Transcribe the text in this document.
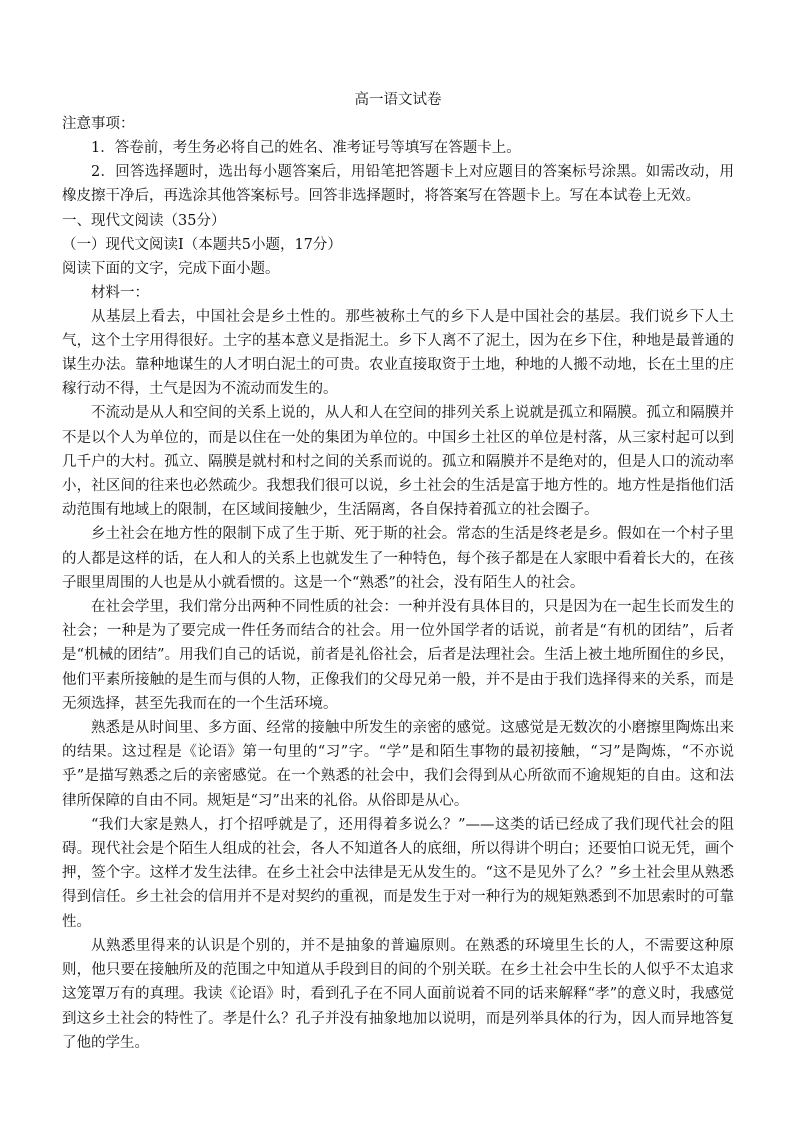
高一语文试卷

注意事项：

1．答卷前，考生务必将自己的姓名、准考证号等填写在答题卡上。

2．回答选择题时，选出每小题答案后，用铅笔把答题卡上对应题目的答案标号涂黑。如需改动，用橡皮擦干净后，再选涂其他答案标号。回答非选择题时，将答案写在答题卡上。写在本试卷上无效。

一、现代文阅读（35分）

（一）现代文阅读Ⅰ（本题共5小题，17分）

阅读下面的文字，完成下面小题。

材料一：

从基层上看去，中国社会是乡土性的。那些被称土气的乡下人是中国社会的基层。我们说乡下人土气，这个土字用得很好。土字的基本意义是指泥土。乡下人离不了泥土，因为在乡下住，种地是最普通的谋生办法。靠种地谋生的人才明白泥土的可贵。农业直接取资于土地，种地的人搬不动地，长在土里的庄稼行动不得，土气是因为不流动而发生的。

不流动是从人和空间的关系上说的，从人和人在空间的排列关系上说就是孤立和隔膜。孤立和隔膜并不是以个人为单位的，而是以住在一处的集团为单位的。中国乡土社区的单位是村落，从三家村起可以到几千户的大村。孤立、隔膜是就村和村之间的关系而说的。孤立和隔膜并不是绝对的，但是人口的流动率小，社区间的往来也必然疏少。我想我们很可以说，乡土社会的生活是富于地方性的。地方性是指他们活动范围有地域上的限制，在区域间接触少，生活隔离，各自保持着孤立的社会圈子。

乡土社会在地方性的限制下成了生于斯、死于斯的社会。常态的生活是终老是乡。假如在一个村子里的人都是这样的话，在人和人的关系上也就发生了一种特色，每个孩子都是在人家眼中看着长大的，在孩子眼里周围的人也是从小就看惯的。这是一个“熟悉”的社会，没有陌生人的社会。

在社会学里，我们常分出两种不同性质的社会：一种并没有具体目的，只是因为在一起生长而发生的社会；一种是为了要完成一件任务而结合的社会。用一位外国学者的话说，前者是“有机的团结”，后者是“机械的团结”。用我们自己的话说，前者是礼俗社会，后者是法理社会。生活上被土地所囿住的乡民，他们平素所接触的是生而与俱的人物，正像我们的父母兄弟一般，并不是由于我们选择得来的关系，而是无须选择，甚至先我而在的一个生活环境。

熟悉是从时间里、多方面、经常的接触中所发生的亲密的感觉。这感觉是无数次的小磨擦里陶炼出来的结果。这过程是《论语》第一句里的“习”字。“学”是和陌生事物的最初接触，“习”是陶炼，“不亦说乎”是描写熟悉之后的亲密感觉。在一个熟悉的社会中，我们会得到从心所欲而不逾规矩的自由。这和法律所保障的自由不同。规矩是“习”出来的礼俗。从俗即是从心。

“我们大家是熟人，打个招呼就是了，还用得着多说么？”——这类的话已经成了我们现代社会的阻碍。现代社会是个陌生人组成的社会，各人不知道各人的底细，所以得讲个明白；还要怕口说无凭，画个押，签个字。这样才发生法律。在乡土社会中法律是无从发生的。“这不是见外了么？”乡土社会里从熟悉得到信任。乡土社会的信用并不是对契约的重视，而是发生于对一种行为的规矩熟悉到不加思索时的可靠性。

从熟悉里得来的认识是个别的，并不是抽象的普遍原则。在熟悉的环境里生长的人，不需要这种原则，他只要在接触所及的范围之中知道从手段到目的间的个别关联。在乡土社会中生长的人似乎不太追求这笼罩万有的真理。我读《论语》时，看到孔子在不同人面前说着不同的话来解释“孝”的意义时，我感觉到这乡土社会的特性了。孝是什么？孔子并没有抽象地加以说明，而是列举具体的行为，因人而异地答复了他的学生。
